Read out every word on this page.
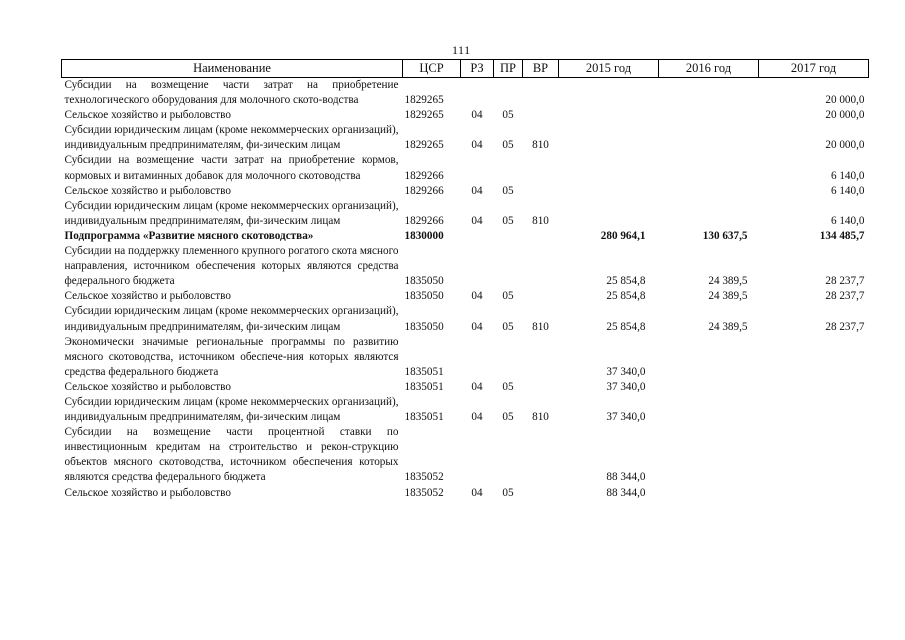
111
Наименование	ЦСР	РЗ	ПР	ВР	2015 год	2016 год	2017 год
Субсидии на возмещение части затрат на приобретение технологического оборудования для молочного ското-водства	1829265						20 000,0
Сельское хозяйство и рыболовство	1829265	04	05				20 000,0
Субсидии юридическим лицам (кроме некоммерческих организаций), индивидуальным предпринимателям, фи-зическим лицам	1829265	04	05	810			20 000,0
Субсидии на возмещение части затрат на приобретение кормов, кормовых и витаминных добавок для молочного скотоводства	1829266						6 140,0
Сельское хозяйство и рыболовство	1829266	04	05				6 140,0
Субсидии юридическим лицам (кроме некоммерческих организаций), индивидуальным предпринимателям, фи-зическим лицам	1829266	04	05	810			6 140,0
Подпрограмма «Развитие мясного скотоводства»	1830000				280 964,1	130 637,5	134 485,7
Субсидии на поддержку племенного крупного рогатого скота мясного направления, источником обеспечения которых являются средства федерального бюджета	1835050				25 854,8	24 389,5	28 237,7
Сельское хозяйство и рыболовство	1835050	04	05		25 854,8	24 389,5	28 237,7
Субсидии юридическим лицам (кроме некоммерческих организаций), индивидуальным предпринимателям, фи-зическим лицам	1835050	04	05	810	25 854,8	24 389,5	28 237,7
Экономически значимые региональные программы по развитию мясного скотоводства, источником обеспече-ния которых являются средства федерального бюджета	1835051				37 340,0		
Сельское хозяйство и рыболовство	1835051	04	05		37 340,0		
Субсидии юридическим лицам (кроме некоммерческих организаций), индивидуальным предпринимателям, фи-зическим лицам	1835051	04	05	810	37 340,0		
Субсидии на возмещение части процентной ставки по инвестиционным кредитам на строительство и рекон-струкцию объектов мясного скотоводства, источником обеспечения которых являются средства федерального бюджета	1835052				88 344,0		
Сельское хозяйство и рыболовство	1835052	04	05		88 344,0		
